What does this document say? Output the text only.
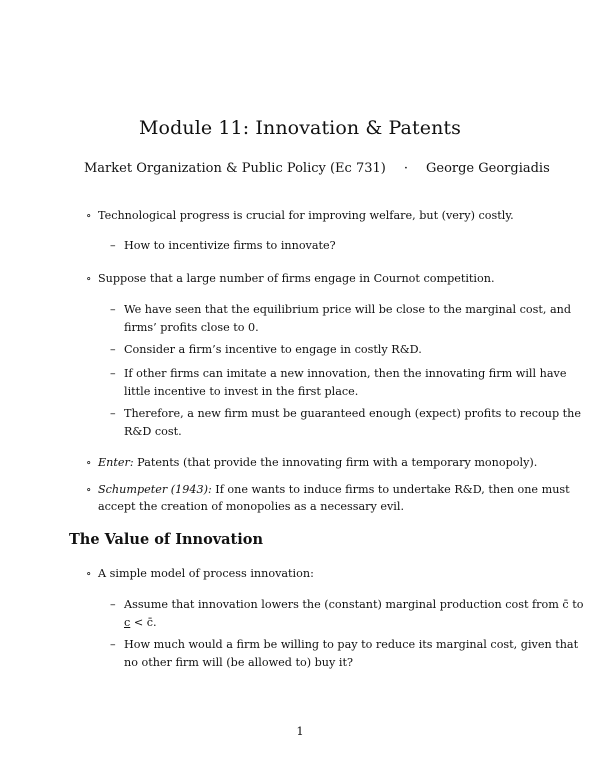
Module 11: Innovation & Patents
Market Organization & Public Policy (Ec 731) · George Georgiadis
∘ Technological progress is crucial for improving welfare, but (very) costly.
– How to incentivize firms to innovate?
∘ Suppose that a large number of firms engage in Cournot competition.
– We have seen that the equilibrium price will be close to the marginal cost, and
firms’ profits close to 0.
– Consider a firm’s incentive to engage in costly R&D.
– If other firms can imitate a new innovation, then the innovating firm will have
little incentive to invest in the first place.
– Therefore, a new firm must be guaranteed enough (expect) profits to recoup the
R&D cost.
∘ Enter: Patents (that provide the innovating firm with a temporary monopoly).
∘ Schumpeter (1943): If one wants to induce firms to undertake R&D, then one must
accept the creation of monopolies as a necessary evil.
The Value of Innovation
∘ A simple model of process innovation:
– Assume that innovation lowers the (constant) marginal production cost from c̄ to
c < c̄.
– How much would a firm be willing to pay to reduce its marginal cost, given that
no other firm will (be allowed to) buy it?
1
